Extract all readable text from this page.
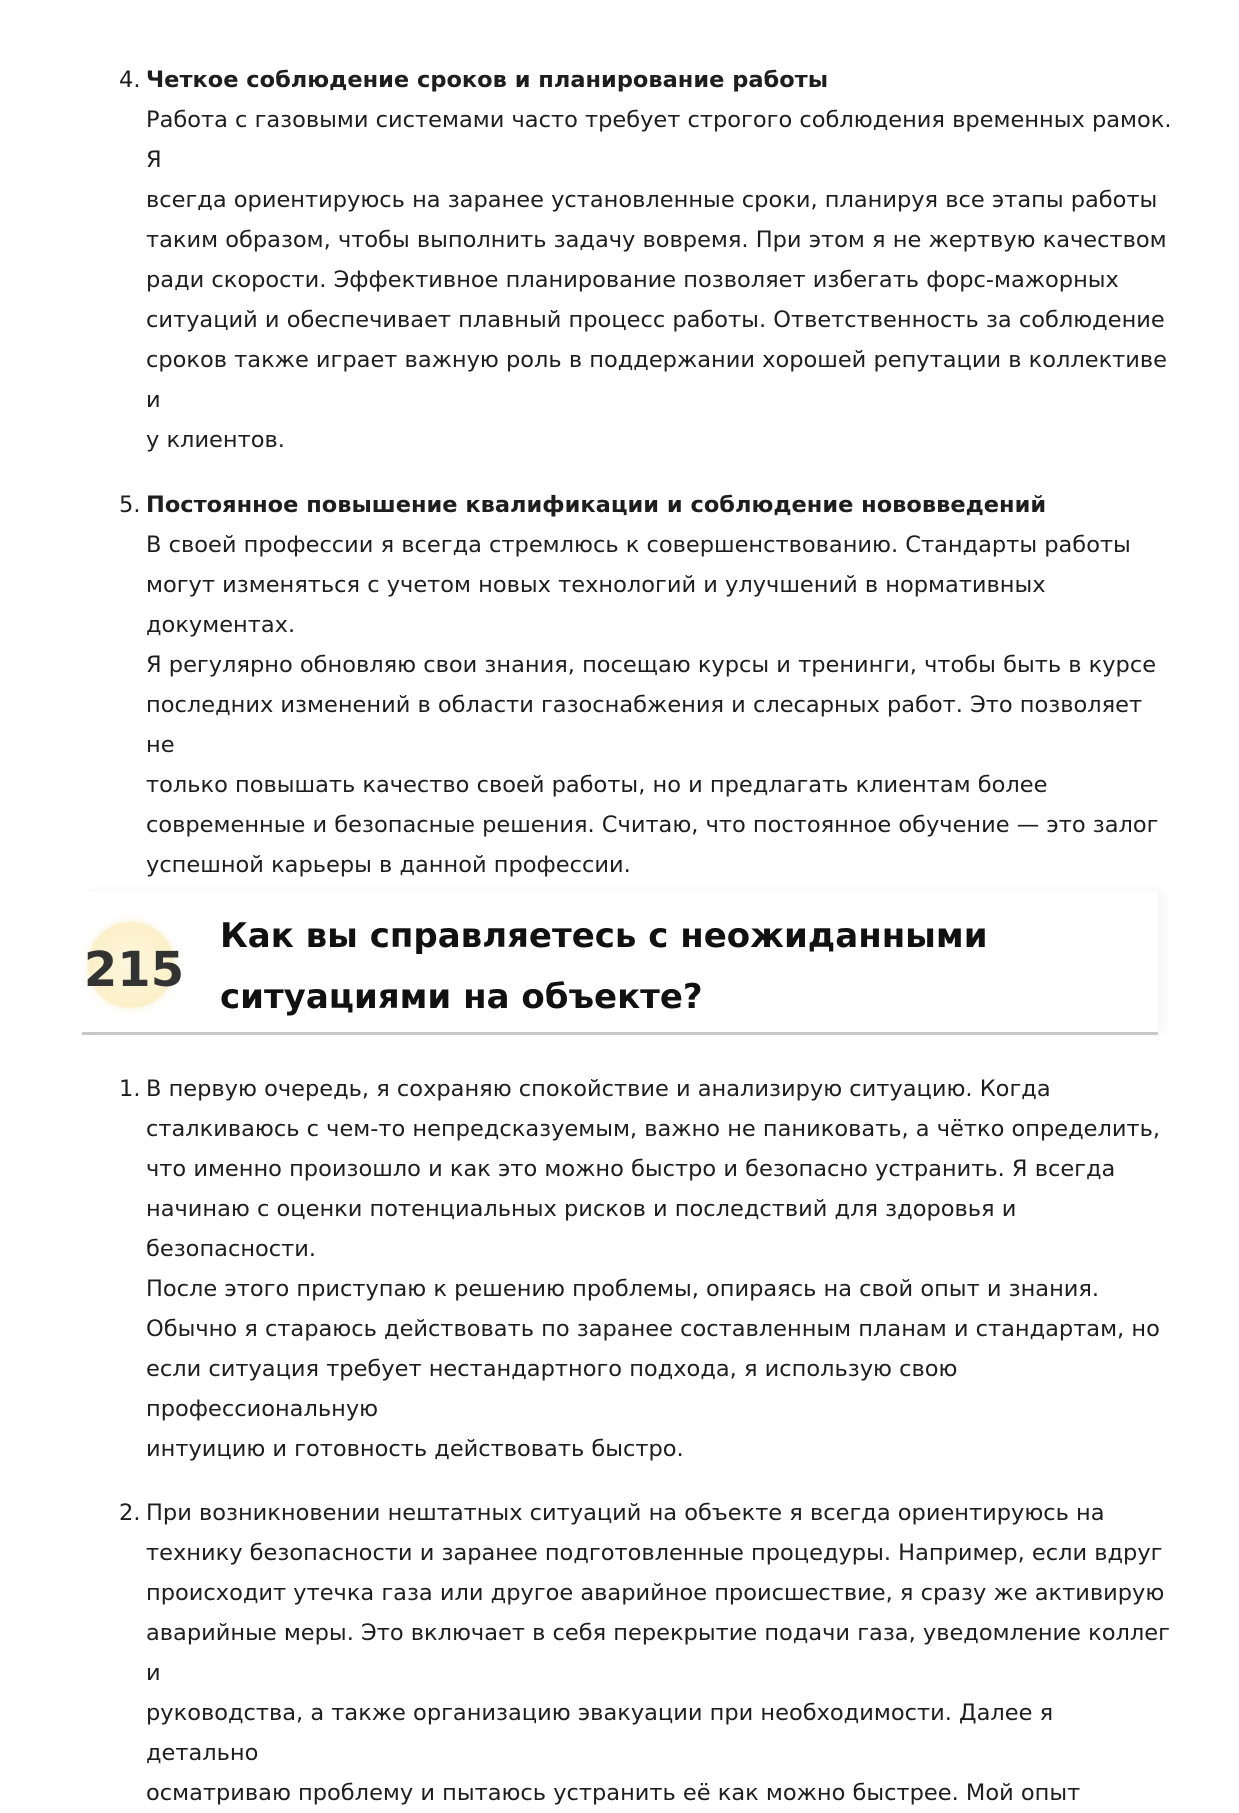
4. Четкое соблюдение сроков и планирование работы
Работа с газовыми системами часто требует строгого соблюдения временных рамок. Я
всегда ориентируюсь на заранее установленные сроки, планируя все этапы работы
таким образом, чтобы выполнить задачу вовремя. При этом я не жертвую качеством
ради скорости. Эффективное планирование позволяет избегать форс-мажорных
ситуаций и обеспечивает плавный процесс работы. Ответственность за соблюдение
сроков также играет важную роль в поддержании хорошей репутации в коллективе и
у клиентов.
5. Постоянное повышение квалификации и соблюдение нововведений
В своей профессии я всегда стремлюсь к совершенствованию. Стандарты работы
могут изменяться с учетом новых технологий и улучшений в нормативных документах.
Я регулярно обновляю свои знания, посещаю курсы и тренинги, чтобы быть в курсе
последних изменений в области газоснабжения и слесарных работ. Это позволяет не
только повышать качество своей работы, но и предлагать клиентам более
современные и безопасные решения. Считаю, что постоянное обучение — это залог
успешной карьеры в данной профессии.
215
Как вы справляетесь с неожиданными
ситуациями на объекте?
1. В первую очередь, я сохраняю спокойствие и анализирую ситуацию. Когда
сталкиваюсь с чем-то непредсказуемым, важно не паниковать, а чётко определить,
что именно произошло и как это можно быстро и безопасно устранить. Я всегда
начинаю с оценки потенциальных рисков и последствий для здоровья и безопасности.
После этого приступаю к решению проблемы, опираясь на свой опыт и знания.
Обычно я стараюсь действовать по заранее составленным планам и стандартам, но
если ситуация требует нестандартного подхода, я использую свою профессиональную
интуицию и готовность действовать быстро.
2. При возникновении нештатных ситуаций на объекте я всегда ориентируюсь на
технику безопасности и заранее подготовленные процедуры. Например, если вдруг
происходит утечка газа или другое аварийное происшествие, я сразу же активирую
аварийные меры. Это включает в себя перекрытие подачи газа, уведомление коллег и
руководства, а также организацию эвакуации при необходимости. Далее я детально
осматриваю проблему и пытаюсь устранить её как можно быстрее. Мой опыт
